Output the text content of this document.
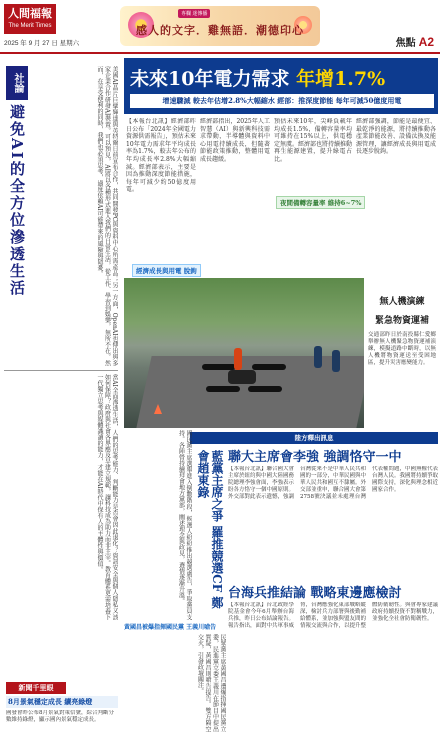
人間福報
The Merit Times
2025 年 9 月 27 日 星期六
専欄 迷傳播
感人的文字．雞無語．潮德印心
焦點 A2
社論
避免AI的全方位滲透生活	美國AI晶片巨擘輝達與英特爾日前宣布合作，共同開發PC與資料中心所需產品；另一方面，OpenAI也傳出與多家企業合作研發AI裝置。可以預見，AI將以各種形式進入我們的日常生活，從工作、學習到娛樂，無所不在。然而，在享受便利的同時，我們也必須思考，過度依賴AI可能帶來的風險與隱憂。
當AI全面滲透生活，人們的思考能力、判斷能力是否會因此退化？資訊安全與個人隱私又該如何保障？政府與社會各界應及早建立規範，讓科技成為助力而非主宰。教育體系更需培養下一代獨立思考與媒體識讀的能力，才能在AI時代中保有人的主體性與價值。
新聞千里眼
8月景氣穩定成長 續亮綠燈
國發會昨公布8月景氣對策信號，綜合判斷分數維持綠燈，顯示國內景氣穩定成長。
未來10年電力需求 年增1.7%
增速驟減 較去年估增2.8%大幅縮水 經部：推深度節能 每年可減50億度用電
【本報台北訊】經濟部昨日公布「2024年全國電力資源供需報告」，預估未來10年電力需求年平均成長率為1.7%，較去年公布的年均成長率2.8%大幅縮減。經濟部表示，主要是因為推動深度節能措施，每年可減少約50億度用電。
經濟部指出，2025年人工智慧（AI）與新興科技需求帶動，半導體與資料中心用電持續成長，但隨著節能政策推動，整體用電成長趨緩。
預估未來10年，尖峰負載年均成長1.5%，備轉容量率均可維持在15%以上，供電穩定無虞。經濟部也將持續推動再生能源建置，提升綠電占比。
經濟部強調，節能是最便宜、最乾淨的能源，將持續推動各產業節能改善、設備汰換及能源管理，讓經濟成長與用電成長逐步脫鉤。
經濟成長與用電 脫鉤
夜間備轉容量率 維持6~7%
無人機演練
緊急物資運補
交通部昨日於南投縣仁愛鄉舉辦無人機緊急物資運補演練，模擬道路中斷時，以無人機將物資運送至受困地區，提升災害應變能力。
陸方釋出訊息
聯大主席會李強 強調恪守一中
【本報台北訊】聯合國大會主席於紐約與中國大陸國務院總理李強會面，李強表示盼各方恪守一個中國原則。外交部對此表示遺憾，強調台灣從來不是中華人民共和國的一部分，中華民國與中華人民共和國互不隸屬。外交部並重申，聯合國大會第2758號決議並未處理台灣代表權問題，中國無權代表台灣人民。我國將持續爭取國際支持，深化與理念相近國家合作。
台海兵推結論 戰略東邊應檢討
【本報台北訊】台北政經學院基金會今年6月舉辦台海兵推，昨日公布結論報告。報告指出，面對中共軍事威脅，台灣應強化東部戰略縱深，檢討兵力部署與後勤補給體系，並加強與盟友間的情報交流與合作，以提升整體防衛韌性。與會專家建議政府持續投資不對稱戰力，並強化全社會防衛韌性。
國民黨主席選舉進入倒數階段，候選人紛紛推出競選廣告，爭取黨員支持。各陣營持續拜會地方黨部，闡述理念與政見，選情逐漸升溫。	藍黨主席之爭 羅推競選CF 鄭會趙東錄
黃國昌被爆指揮國民黨 王義川嗆告
民眾黨主席黃國昌遭爆指揮國民黨立委，民進黨立委王義川在節目中提出質疑，黃國昌則嗆告提告。雙方隔空交火，引發政壇關注。
